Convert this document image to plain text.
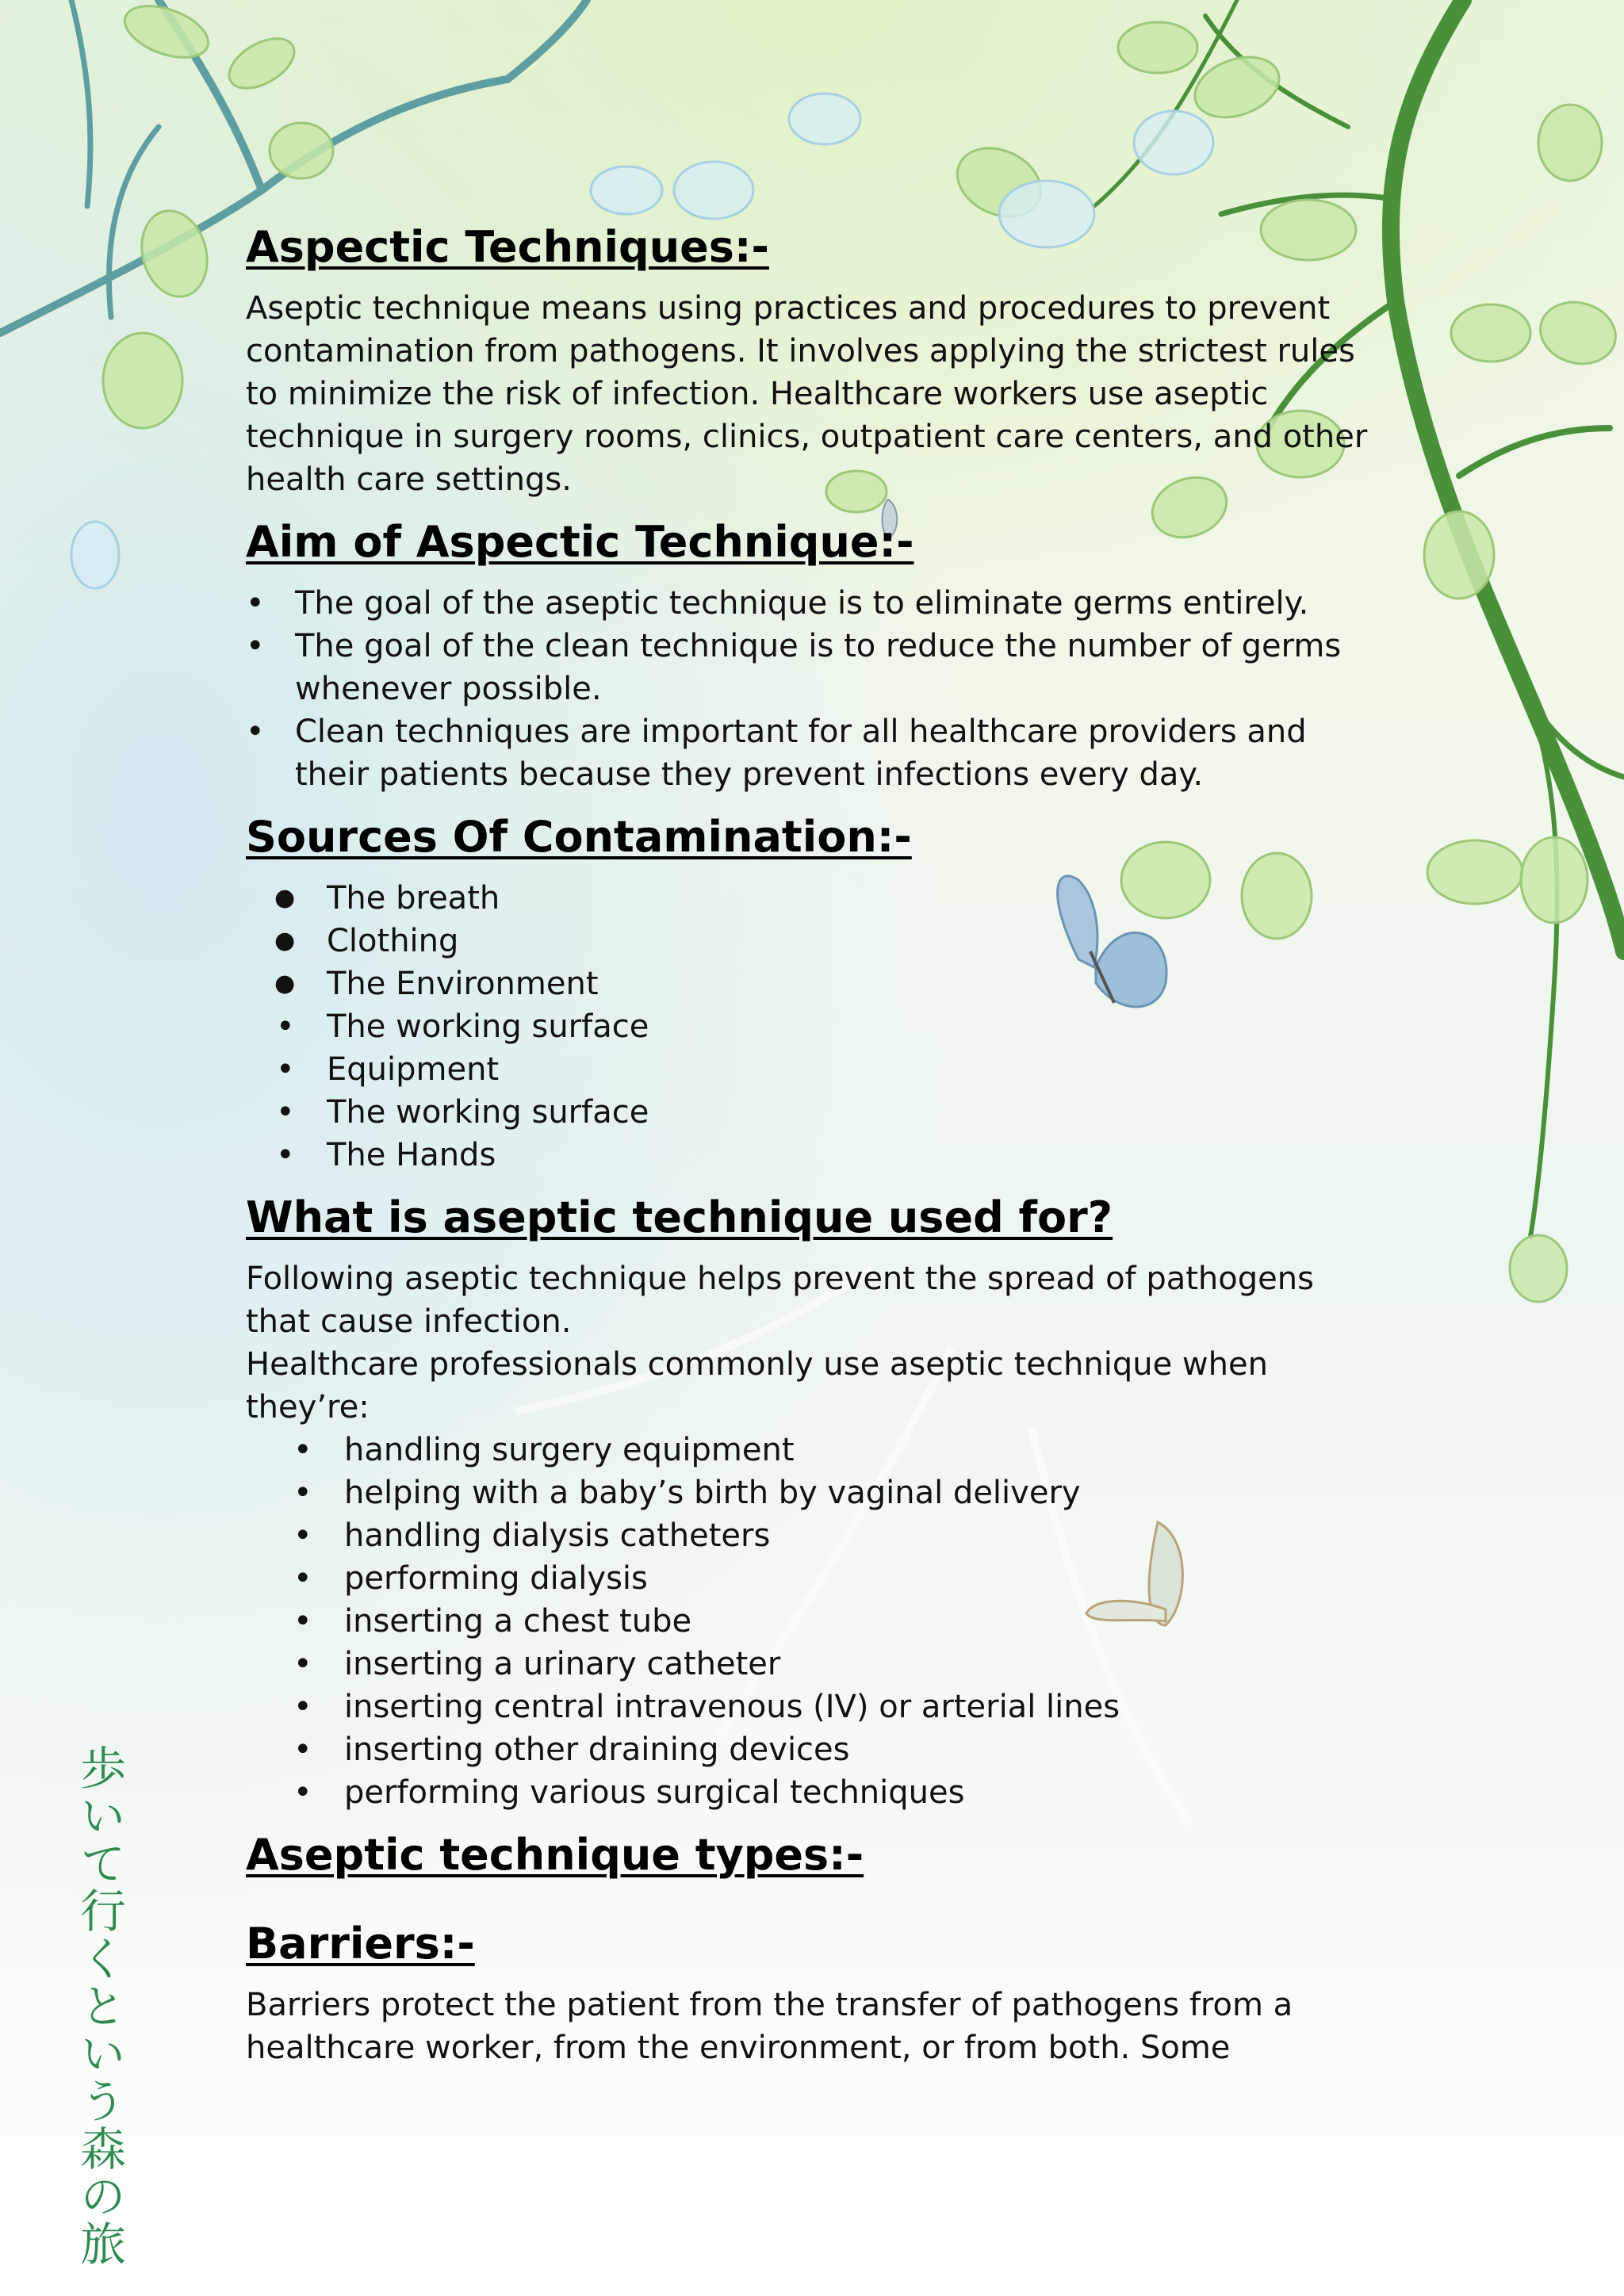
Aspectic Techniques:-

Aseptic technique means using practices and procedures to prevent contamination from pathogens. It involves applying the strictest rules to minimize the risk of infection. Healthcare workers use aseptic technique in surgery rooms, clinics, outpatient care centers, and other health care settings.

Aim of Aspectic Technique:-
• The goal of the aseptic technique is to eliminate germs entirely.
• The goal of the clean technique is to reduce the number of germs whenever possible.
• Clean techniques are important for all healthcare providers and their patients because they prevent infections every day.
Sources Of Contamination:-
● The breath
● Clothing
● The Environment
• The working surface
• Equipment
• The working surface
• The Hands
What is aseptic technique used for?

Following aseptic technique helps prevent the spread of pathogens that cause infection.

Healthcare professionals commonly use aseptic technique when they’re:

• handling surgery equipment
• helping with a baby’s birth by vaginal delivery
• handling dialysis catheters
• performing dialysis
• inserting a chest tube
• inserting a urinary catheter
• inserting central intravenous (IV) or arterial lines
• inserting other draining devices
• performing various surgical techniques
Aseptic technique types:-
Barriers:-

Barriers protect the patient from the transfer of pathogens from a healthcare worker, from the environment, or from both. Some

歩いて行くという森の旅
